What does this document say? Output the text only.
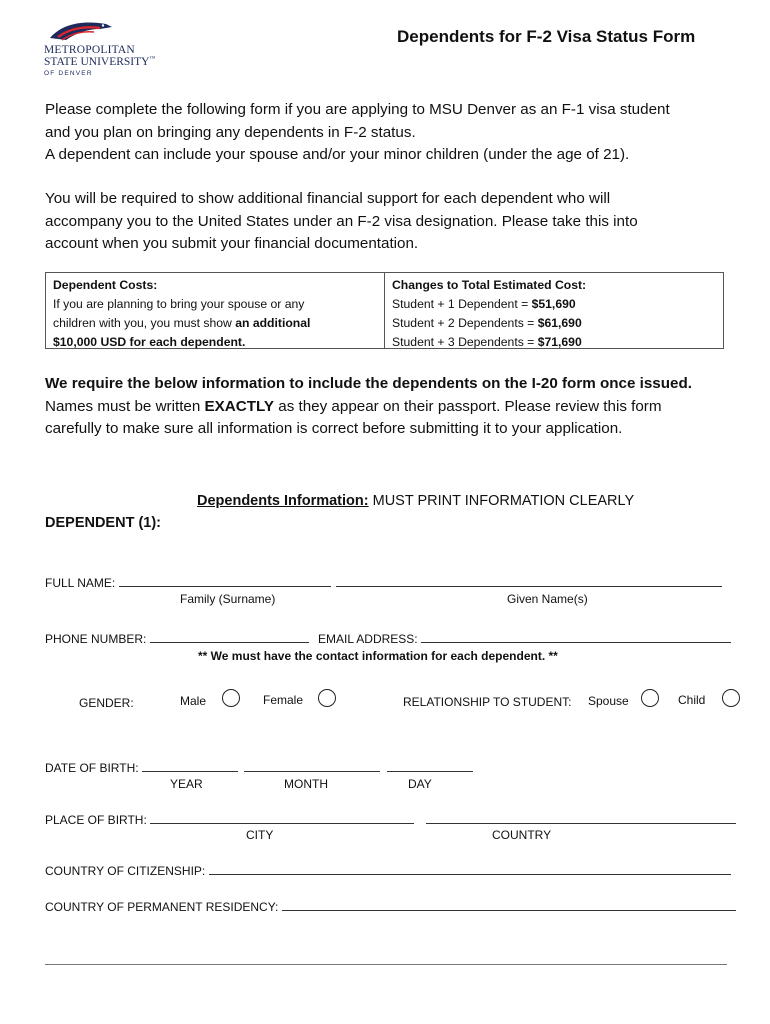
METROPOLITAN
STATE UNIVERSITY™
OF DENVER
Dependents for F-2 Visa Status Form
Please complete the following form if you are applying to MSU Denver as an F-1 visa student
and you plan on bringing any dependents in F-2 status.
A dependent can include your spouse and/or your minor children (under the age of 21).
You will be required to show additional financial support for each dependent who will
accompany you to the United States under an F-2 visa designation. Please take this into
account when you submit your financial documentation.
Dependent Costs:
If you are planning to bring your spouse or any
children with you, you must show an additional
$10,000 USD for each dependent.
Changes to Total Estimated Cost:
Student + 1 Dependent = $51,690
Student + 2 Dependents = $61,690
Student + 3 Dependents = $71,690
We require the below information to include the dependents on the I-20 form once issued.
Names must be written EXACTLY as they appear on their passport. Please review this form
carefully to make sure all information is correct before submitting it to your application.
Dependents Information: MUST PRINT INFORMATION CLEARLY
DEPENDENT (1):
FULL NAME:
Family (Surname)	Given Name(s)
PHONE NUMBER:	EMAIL ADDRESS:
** We must have the contact information for each dependent. **
GENDER:	Male	Female	RELATIONSHIP TO STUDENT: Spouse	Child
DATE OF BIRTH:
YEAR	MONTH	DAY
PLACE OF BIRTH:
CITY	COUNTRY
COUNTRY OF CITIZENSHIP:
COUNTRY OF PERMANENT RESIDENCY:
